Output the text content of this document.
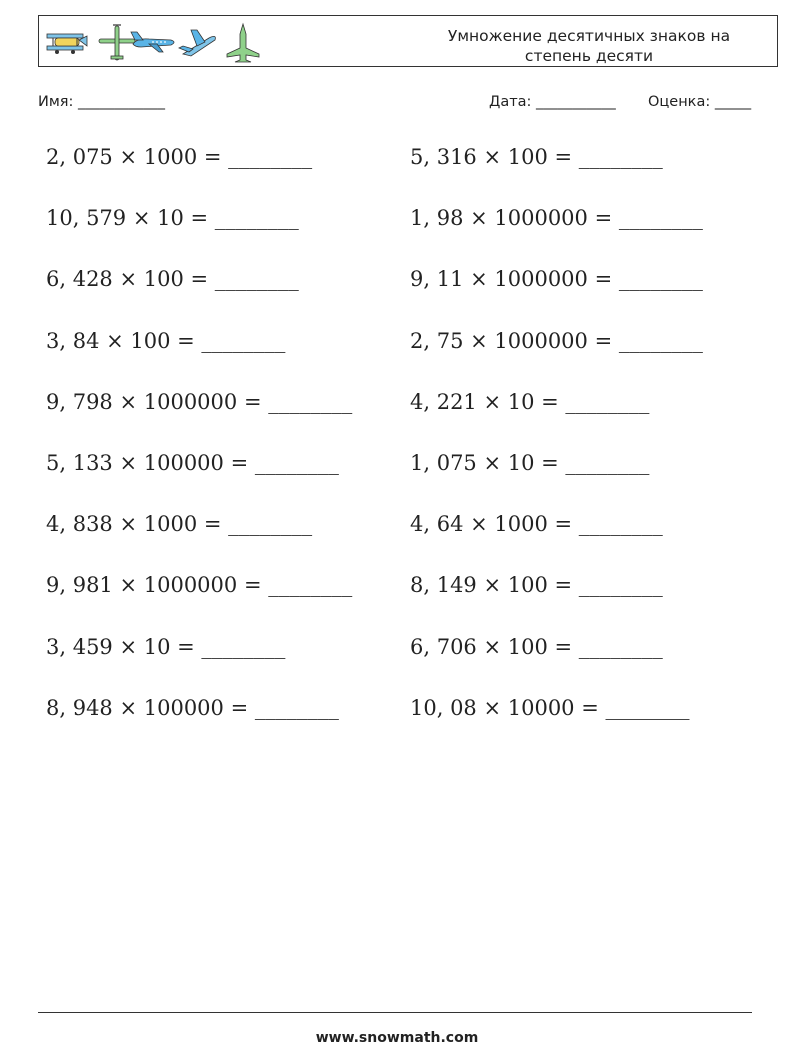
Умножение десятичных знаков на
степень десяти
Имя: ____________	Дата: ___________ Оценка: _____
2, 075 × 1000 = ________	5, 316 × 100 = ________
10, 579 × 10 = ________	1, 98 × 1000000 = ________
6, 428 × 100 = ________	9, 11 × 1000000 = ________
3, 84 × 100 = ________	2, 75 × 1000000 = ________
9, 798 × 1000000 = ________	4, 221 × 10 = ________
5, 133 × 100000 = ________	1, 075 × 10 = ________
4, 838 × 1000 = ________	4, 64 × 1000 = ________
9, 981 × 1000000 = ________	8, 149 × 100 = ________
3, 459 × 10 = ________	6, 706 × 100 = ________
8, 948 × 100000 = ________	10, 08 × 10000 = ________
www.snowmath.com
